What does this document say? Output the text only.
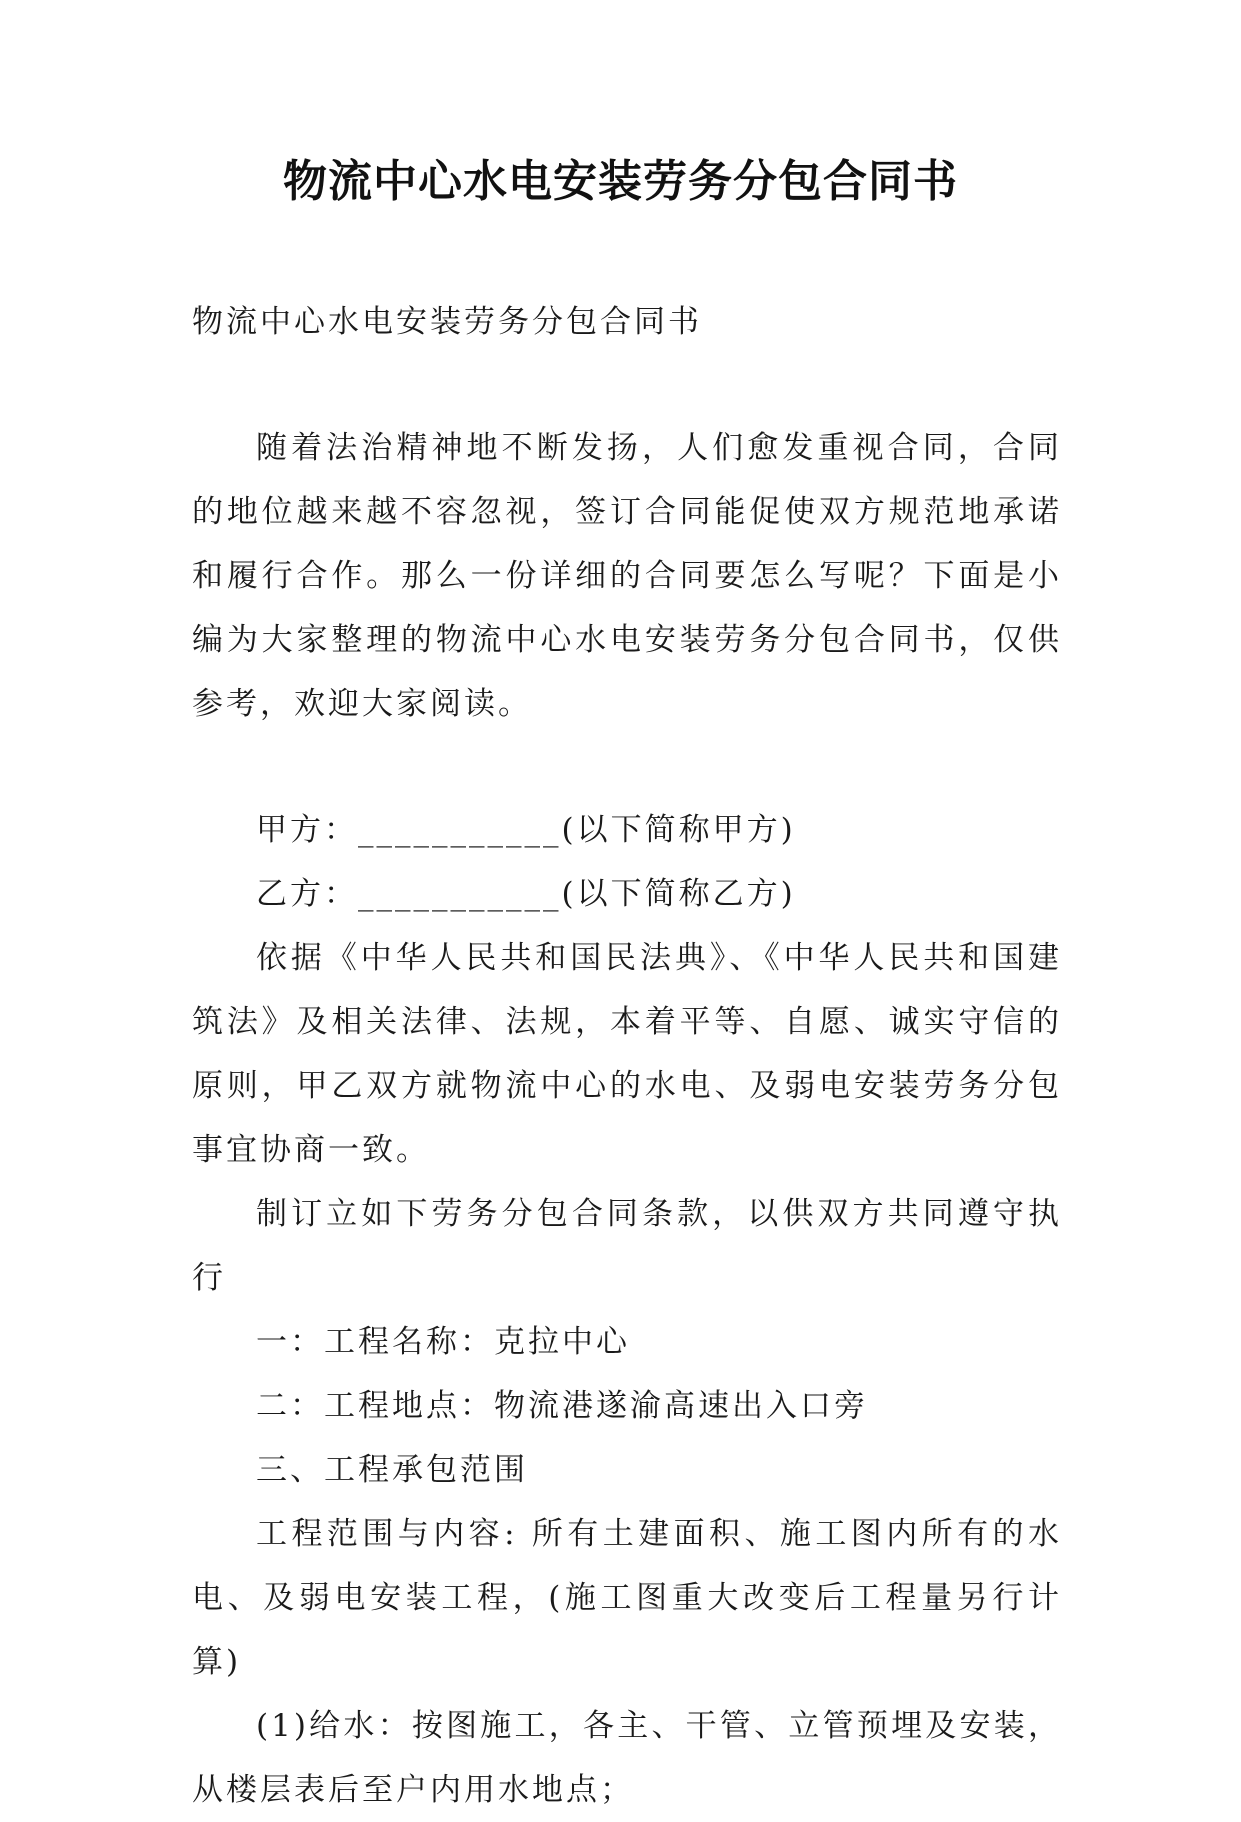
物流中心水电安装劳务分包合同书

物流中心水电安装劳务分包合同书

随着法治精神地不断发扬，人们愈发重视合同，合同的地位越来越不容忽视，签订合同能促使双方规范地承诺和履行合作。那么一份详细的合同要怎么写呢？下面是小编为大家整理的物流中心水电安装劳务分包合同书，仅供参考，欢迎大家阅读。

甲方：___________(以下简称甲方)

乙方：___________(以下简称乙方)

依据《中华人民共和国民法典》、《中华人民共和国建筑法》及相关法律、法规，本着平等、自愿、诚实守信的原则，甲乙双方就物流中心的水电、及弱电安装劳务分包事宜协商一致。

制订立如下劳务分包合同条款，以供双方共同遵守执行

一：工程名称：克拉中心

二：工程地点：物流港遂渝高速出入口旁

三、工程承包范围

工程范围与内容: 所有土建面积、施工图内所有的水电、及弱电安装工程，(施工图重大改变后工程量另行计算)

(1)给水：按图施工，各主、干管、立管预埋及安装，从楼层表后至户内用水地点；
